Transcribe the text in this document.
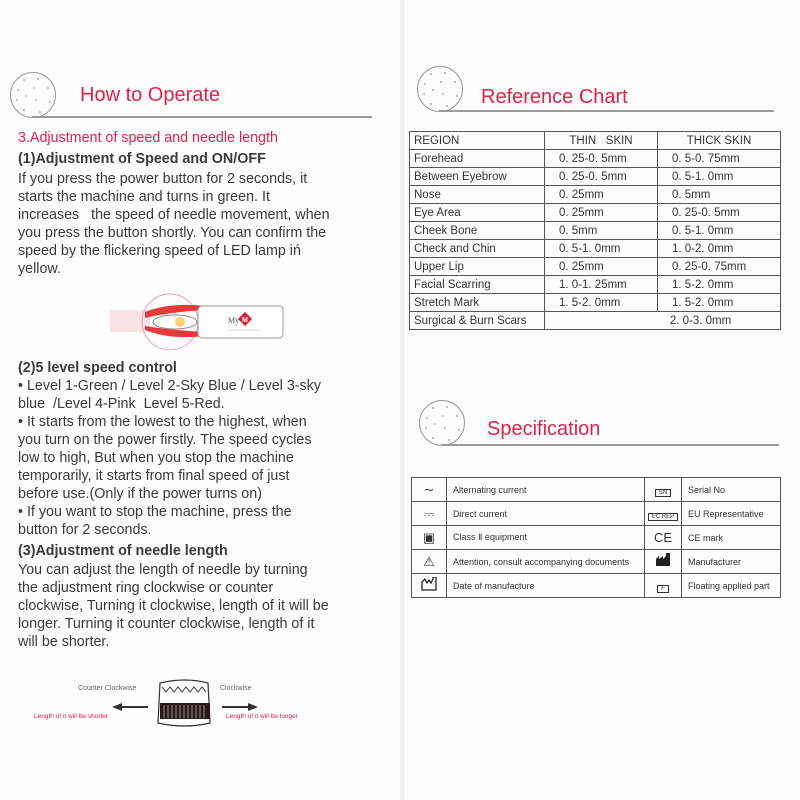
How to Operate
3.Adjustment of speed and needle length
(1)Adjustment of Speed and ON/OFF
If you press the power button for 2 seconds, it
starts the machine and turns in green. It
increases   the speed of needle movement, when
you press the button shortly. You can confirm the
speed by the flickering speed of LED lamp iń
yellow.
My M
(2)5 level speed control
• Level 1-Green / Level 2-Sky Blue / Level 3-sky
blue  /Level 4-Pink  Level 5-Red.
• It starts from the lowest to the highest, when
you turn on the power firstly. The speed cycles
low to high, But when you stop the machine
temporarily, it starts from final speed of just
before use.(Only if the power turns on)
• If you want to stop the machine, press the
button for 2 seconds.
(3)Adjustment of needle length
You can adjust the length of needle by turning
the adjustment ring clockwise or counter
clockwise, Turning it clockwise, length of it will be
longer. Turning it counter clockwise, length of it
will be shorter.
Counter Clockwise	Clockwise
Length of it will be shorter	Length of it will be longer
Reference Chart
REGION	THIN   SKIN	THICK SKIN
Forehead	0. 25-0. 5mm	0. 5-0. 75mm
Between Eyebrow	0. 25-0. 5mm	0. 5-1. 0mm
Nose	0. 25mm	0. 5mm
Eye Area	0. 25mm	0. 25-0. 5mm
Cheek Bone	0. 5mm	0. 5-1. 0mm
Check and Chin	0. 5-1. 0mm	1. 0-2. 0mm
Upper Lip	0. 25mm	0. 25-0. 75mm
Facial Scarring	1. 0-1. 25mm	1. 5-2. 0mm
Stretch Mark	1. 5-2. 0mm	1. 5-2. 0mm
Surgical & Burn Scars	2. 0-3. 0mm	
Specification
∼	Alternating current	SN	Serial No
⎓	Direct current	EC REP	EU Representative
▣	Class Ⅱ equipment	CE	CE mark
⚠	Attention, consult accompanying documents		Manufacturer
	Date of manufacture	F	Floating applied part
